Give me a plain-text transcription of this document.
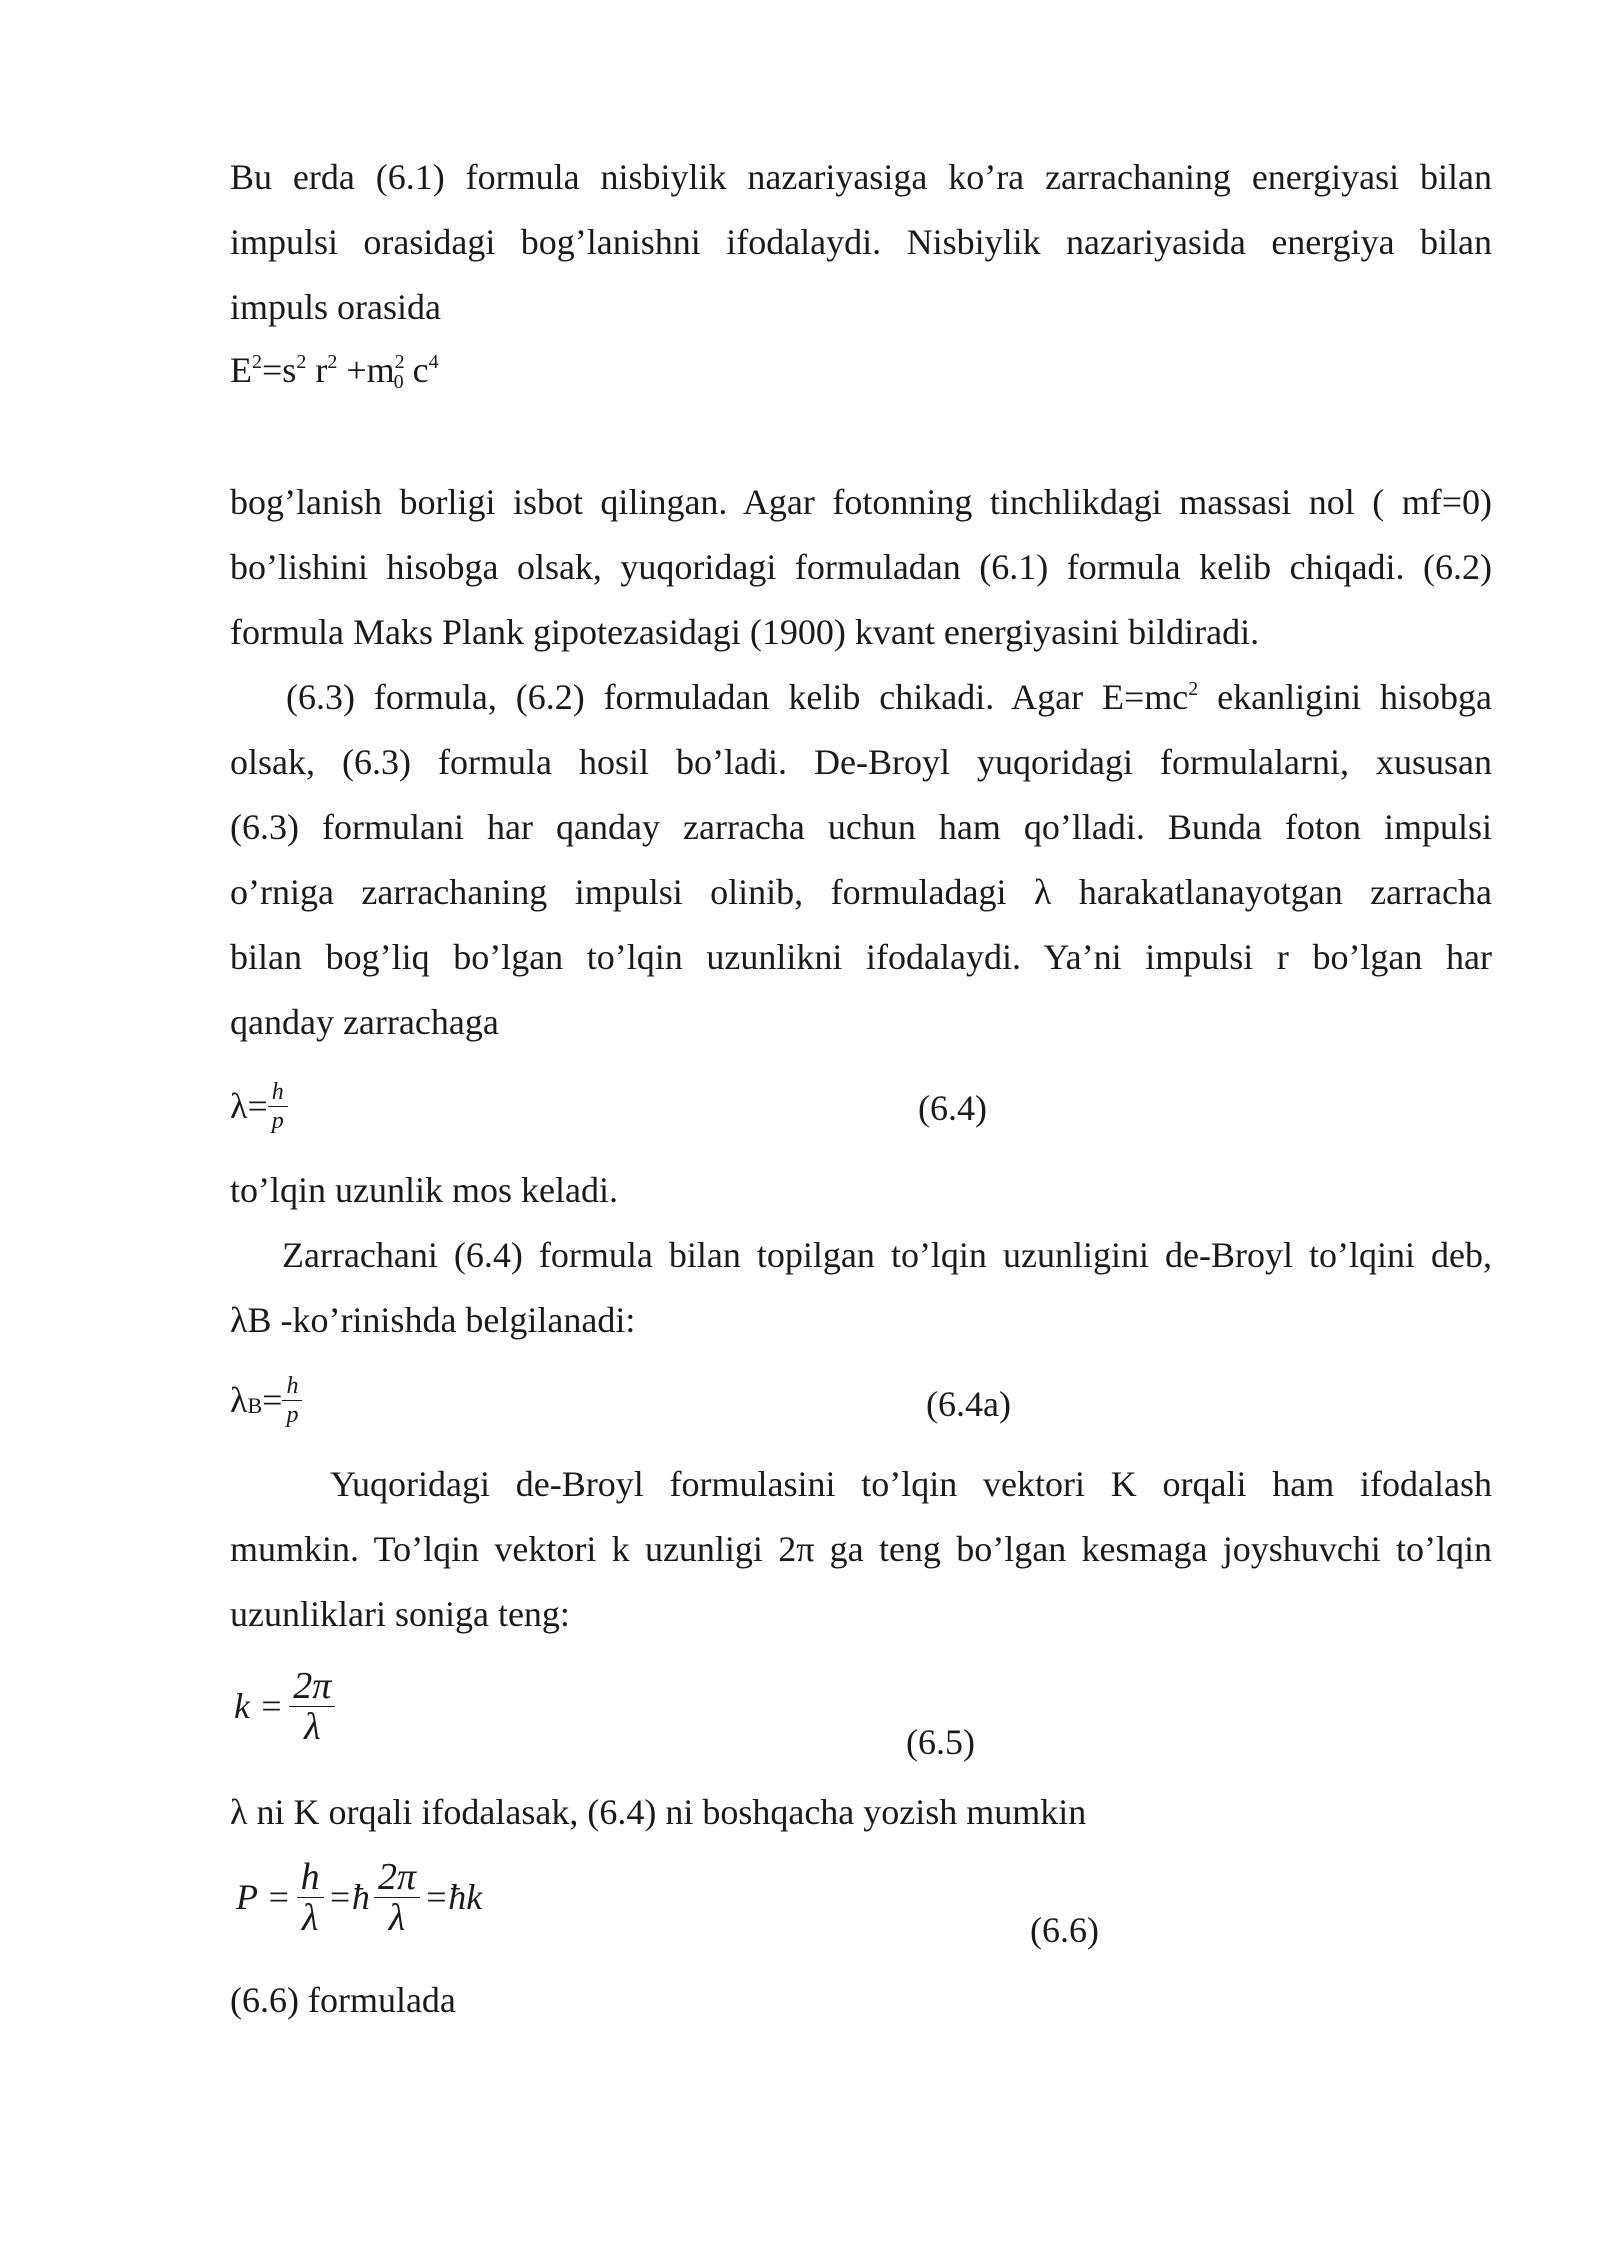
Bu erda (6.1) formula nisbiylik nazariyasiga ko’ra zarrachaning energiyasi bilan
impulsi orasidagi bog’lanishni ifodalaydi. Nisbiylik nazariyasida energiya bilan
impuls orasida
$E^2=s^2$ $r^2 +m^2_0$ $c^4$
bog’lanish borligi isbot qilingan. Agar fotonning tinchlikdagi massasi nol ( mf=0)
bo’lishini hisobga olsak, yuqoridagi formuladan (6.1) formula kelib chiqadi. (6.2)
formula Maks Plank gipotezasidagi (1900) kvant energiyasini bildiradi.
(6.3) formula, (6.2) formuladan kelib chikadi. Agar $E=mc^2$ ekanligini hisobga
olsak, (6.3) formula hosil bo’ladi. De-Broyl yuqoridagi formulalarni, xususan
(6.3) formulani har qanday zarracha uchun ham qo’lladi. Bunda foton impulsi
o’rniga zarrachaning impulsi olinib, formuladagi λ harakatlanayotgan zarracha
bilan bog’liq bo’lgan to’lqin uzunlikni ifodalaydi. Ya’ni impulsi r bo’lgan har
qanday zarrachaga
$\lambda= \frac{h}{p}$	(6.4)
to’lqin uzunlik mos keladi.
Zarrachani (6.4) formula bilan topilgan to’lqin uzunligini de-Broyl to’lqini deb,
λB -ko’rinishda belgilanadi:
λ $B = \frac{h}{p}$	(6.4a)
Yuqoridagi de-Broyl formulasini to’lqin vektori K orqali ham ifodalash
mumkin. To’lqin vektori k uzunligi 2π ga teng bo’lgan kesmaga joyshuvchi to’lqin
uzunliklari soniga teng:
$k = \frac{2\pi}{\lambda}$	(6.5)
λ ni K orqali ifodalasak, (6.4) ni boshqacha yozish mumkin
$P = \frac{h}{\lambda}$ =ħ $\frac{2\pi}{\lambda}$ =ħk
(6.6)
(6.6) formulada
